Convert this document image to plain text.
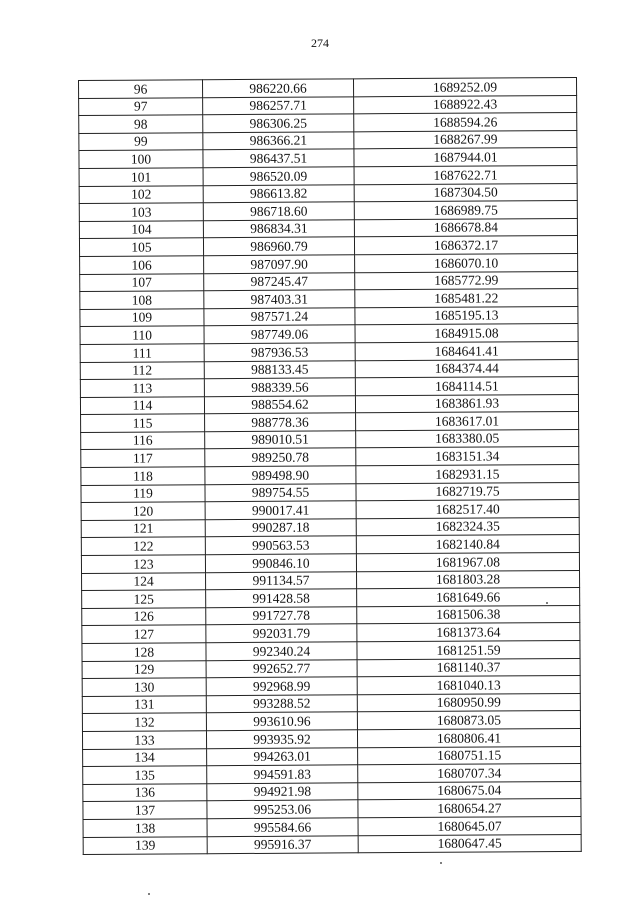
274
96	986220.66	1689252.09
97	986257.71	1688922.43
98	986306.25	1688594.26
99	986366.21	1688267.99
100	986437.51	1687944.01
101	986520.09	1687622.71
102	986613.82	1687304.50
103	986718.60	1686989.75
104	986834.31	1686678.84
105	986960.79	1686372.17
106	987097.90	1686070.10
107	987245.47	1685772.99
108	987403.31	1685481.22
109	987571.24	1685195.13
110	987749.06	1684915.08
111	987936.53	1684641.41
112	988133.45	1684374.44
113	988339.56	1684114.51
114	988554.62	1683861.93
115	988778.36	1683617.01
116	989010.51	1683380.05
117	989250.78	1683151.34
118	989498.90	1682931.15
119	989754.55	1682719.75
120	990017.41	1682517.40
121	990287.18	1682324.35
122	990563.53	1682140.84
123	990846.10	1681967.08
124	991134.57	1681803.28
125	991428.58	1681649.66
126	991727.78	1681506.38
127	992031.79	1681373.64
128	992340.24	1681251.59
129	992652.77	1681140.37
130	992968.99	1681040.13
131	993288.52	1680950.99
132	993610.96	1680873.05
133	993935.92	1680806.41
134	994263.01	1680751.15
135	994591.83	1680707.34
136	994921.98	1680675.04
137	995253.06	1680654.27
138	995584.66	1680645.07
139	995916.37	1680647.45
